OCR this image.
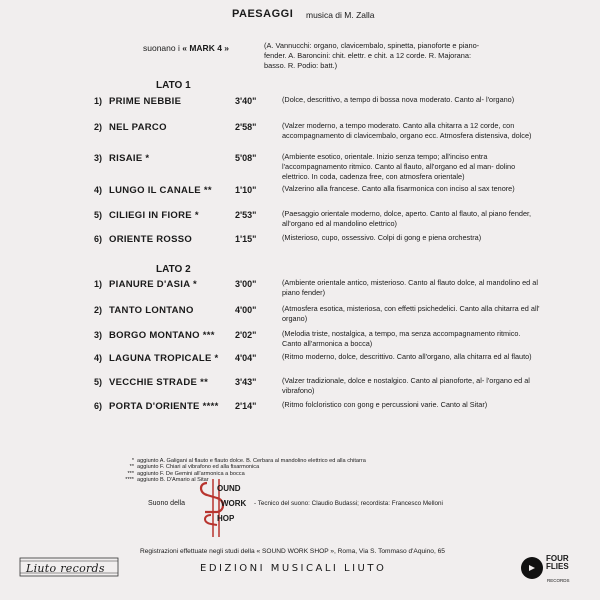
PAESAGGI musica di M. Zalla
suonano i « MARK 4 »	(A. Vannucchi: organo, clavicembalo, spinetta, pianoforte e piano-
fender. A. Baroncini: chit. elettr. e chit. a 12 corde. R. Majorana:
basso. R. Podio: batt.)
LATO 1
1) PRIME NEBBIE	3'40"	(Dolce, descrittivo, a tempo di bossa nova moderato. Canto al- l'organo)
2) NEL PARCO	2'58"	(Valzer moderno, a tempo moderato. Canto alla chitarra a 12 corde, con accompagnamento di clavicembalo, organo ecc. Atmosfera distensiva, dolce)
3) RISAIE *	5'08"	(Ambiente esotico, orientale. Inizio senza tempo; all'inciso entra l'accompagnamento ritmico. Canto al flauto, all'organo ed al man- dolino elettrico. In coda, cadenza free, con atmosfera orientale)
4) LUNGO IL CANALE **	1'10"	(Valzerino alla francese. Canto alla fisarmonica con inciso al sax tenore)
5) CILIEGI IN FIORE *	2'53"	(Paesaggio orientale moderno, dolce, aperto. Canto al flauto, al piano fender, all'organo ed al mandolino elettrico)
6) ORIENTE ROSSO	1'15"	(Misterioso, cupo, ossessivo. Colpi di gong e piena orchestra)
LATO 2
1) PIANURE D'ASIA *	3'00"	(Ambiente orientale antico, misterioso. Canto al flauto dolce, al mandolino ed al piano fender)
2) TANTO LONTANO	4'00"	(Atmosfera esotica, misteriosa, con effetti psichedelici. Canto alla chitarra ed all' organo)
3) BORGO MONTANO *** 2'02"	(Melodia triste, nostalgica, a tempo, ma senza accompagnamento ritmico. Canto all'armonica a bocca)
4) LAGUNA TROPICALE * 4'04"	(Ritmo moderno, dolce, descrittivo. Canto all'organo, alla chitarra ed al flauto)
5) VECCHIE STRADE **	3'43"	(Valzer tradizionale, dolce e nostalgico. Canto al pianoforte, al- l'organo ed al vibrafono)
6) PORTA D'ORIENTE **** 2'14"	(Ritmo folcloristico con gong e percussioni varie. Canto al Sitar)
* aggiunto A. Galigani al flauto e flauto dolce. B. Cerbara al mandolino elettrico ed alla chitarra
** aggiunto F. Chiari al vibrafono ed alla fisarmonica
*** aggiunto F. De Gemini all'armonica a bocca
**** aggiunto B. D'Amario al Sitar
Suono della
OUND
WORK
HOP
- Tecnico del suono: Claudio Budassi; recordista: Francesco Melloni
Registrazioni effettuate negli studi della « SOUND WORK SHOP », Roma, Via S. Tommaso d'Aquino, 65
Liuto records	EDIZIONI MUSICALI LIUTO
FOUR
FLIES
RECORDS
